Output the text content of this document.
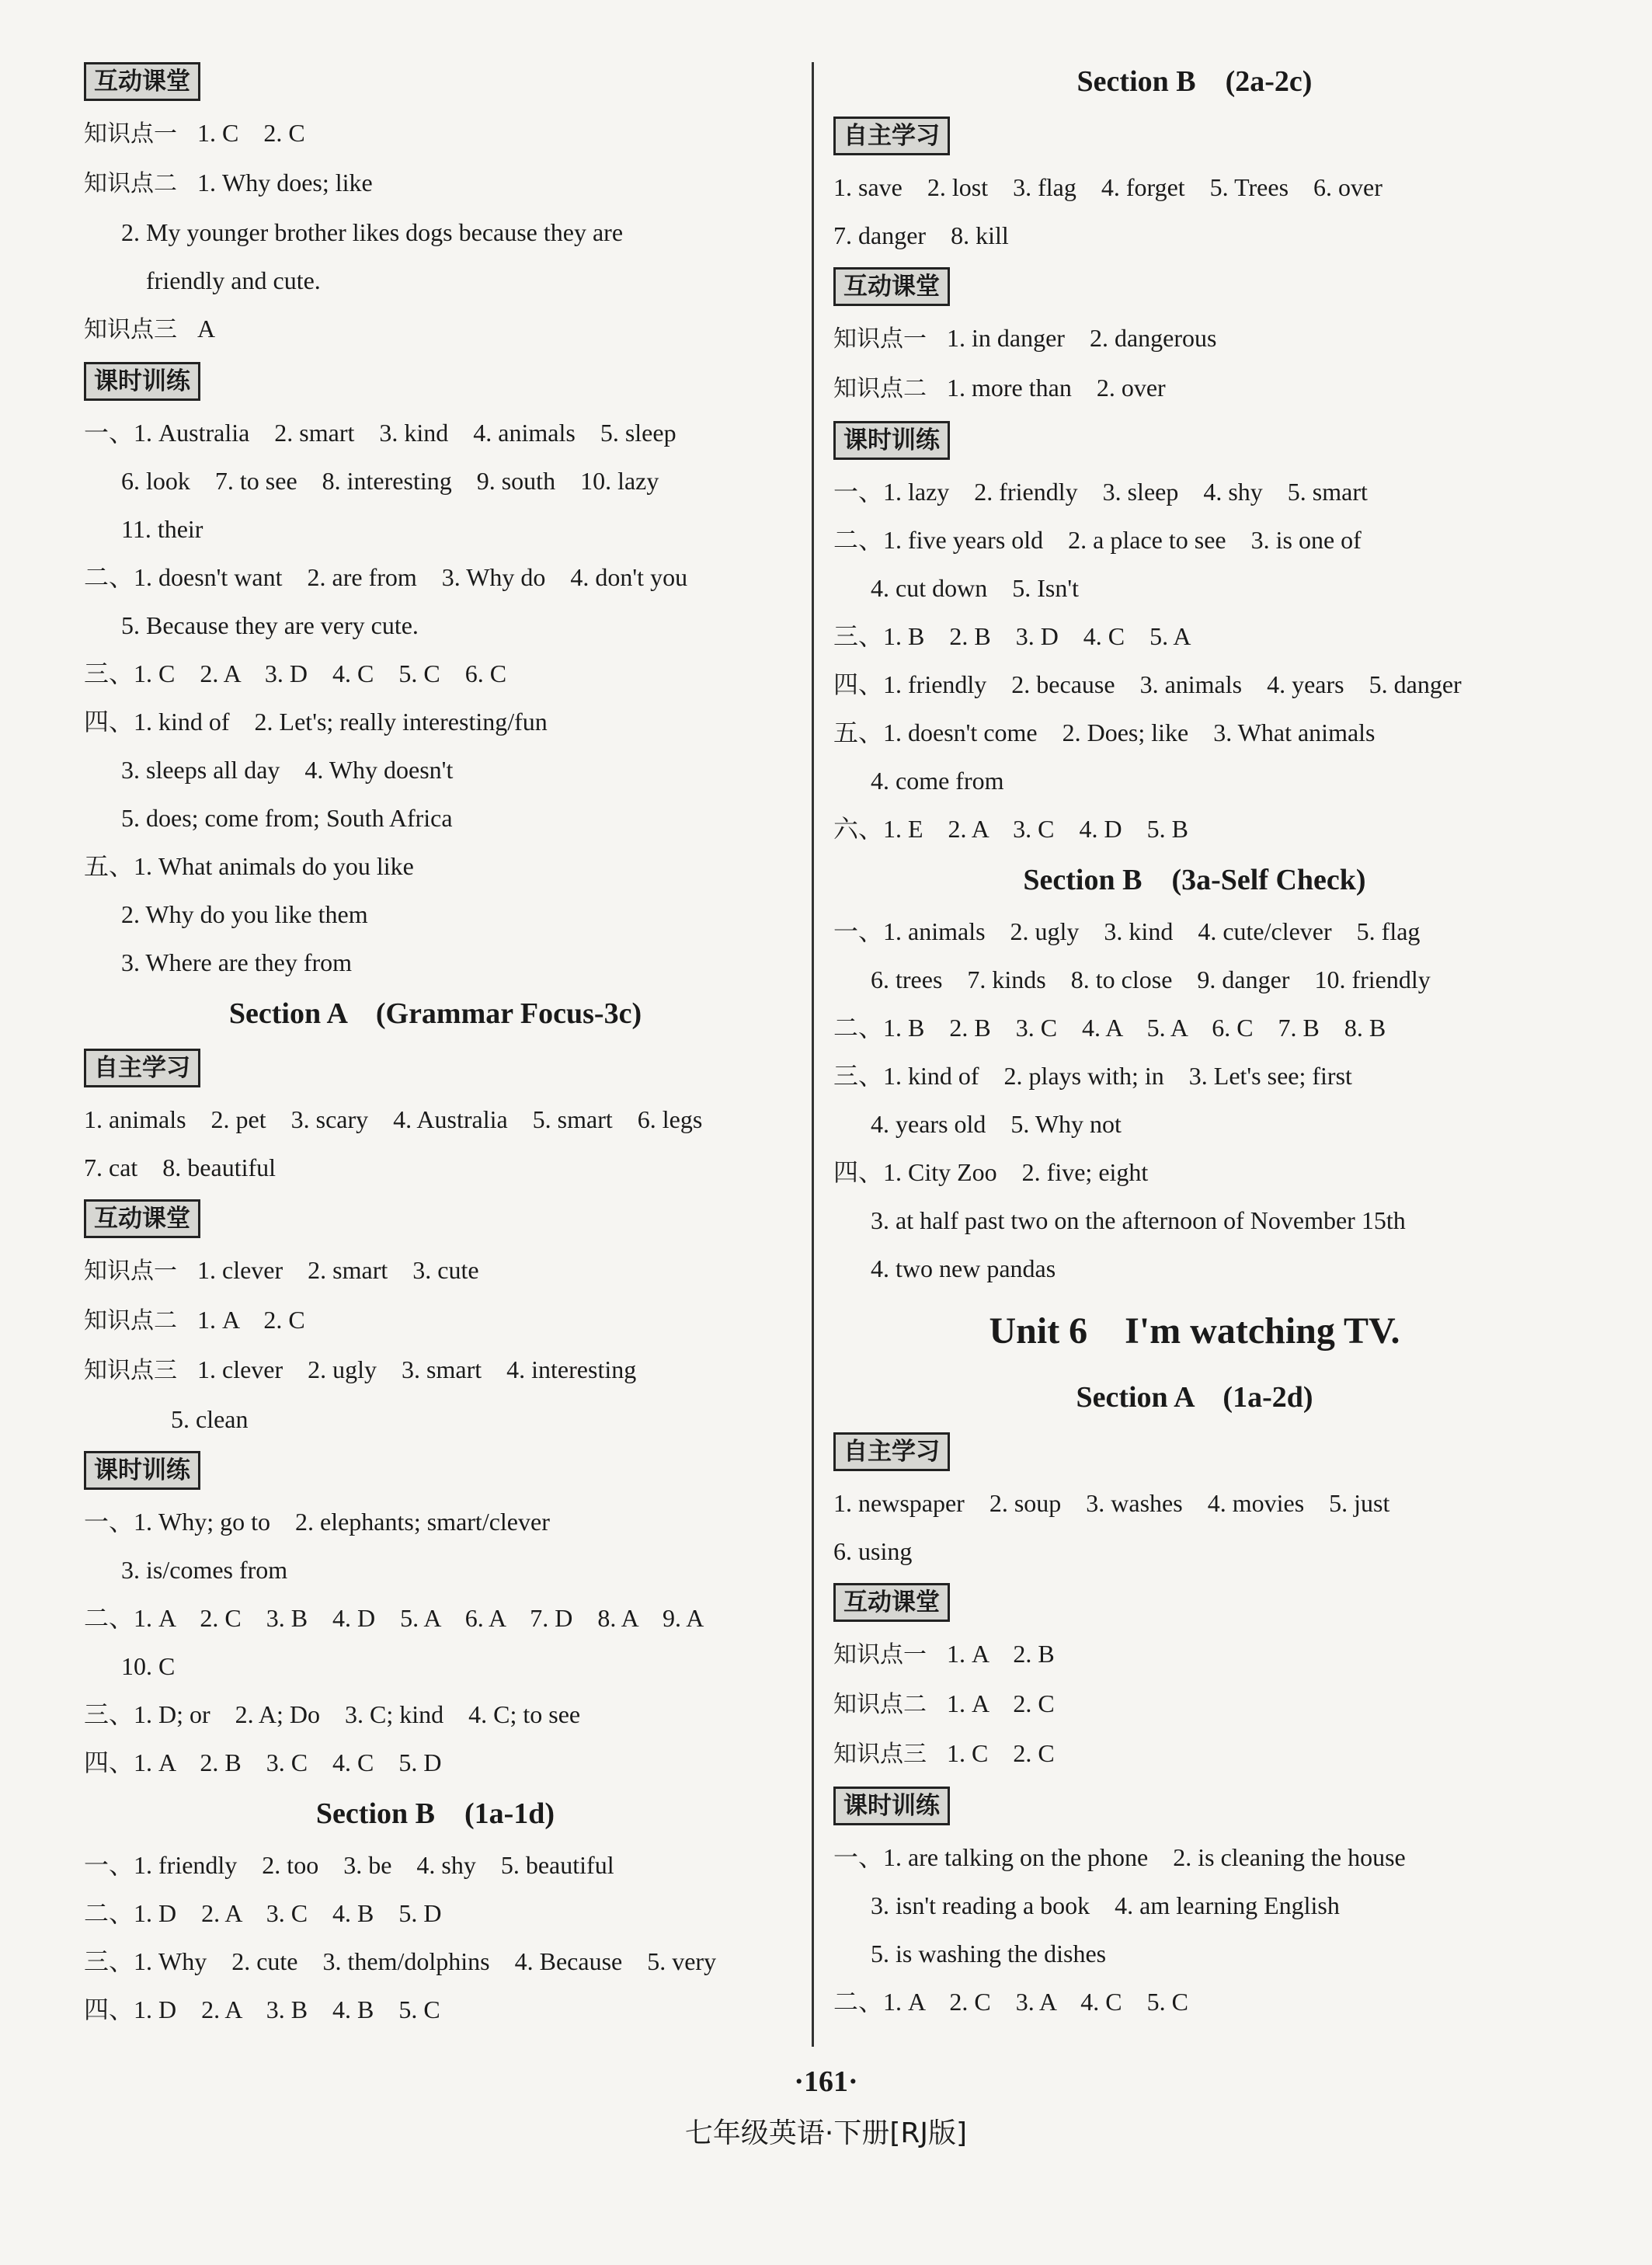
互动课堂
知识点一 1. C　2. C
知识点二 1. Why does; like
2. My younger brother likes dogs because they are
　friendly and cute.
知识点三 A
课时训练
一、1. Australia　2. smart　3. kind　4. animals　5. sleep
6. look　7. to see　8. interesting　9. south　10. lazy
11. their
二、1. doesn't want　2. are from　3. Why do　4. don't you
5. Because they are very cute.
三、1. C　2. A　3. D　4. C　5. C　6. C
四、1. kind of　2. Let's; really interesting/fun
3. sleeps all day　4. Why doesn't
5. does; come from; South Africa
五、1. What animals do you like
2. Why do you like them
3. Where are they from
Section A　(Grammar Focus-3c)
自主学习
1. animals　2. pet　3. scary　4. Australia　5. smart　6. legs
7. cat　8. beautiful
互动课堂
知识点一 1. clever　2. smart　3. cute
知识点二 1. A　2. C
知识点三 1. clever　2. ugly　3. smart　4. interesting
　　5. clean
课时训练
一、1. Why; go to　2. elephants; smart/clever
3. is/comes from
二、1. A　2. C　3. B　4. D　5. A　6. A　7. D　8. A　9. A
10. C
三、1. D; or　2. A; Do　3. C; kind　4. C; to see
四、1. A　2. B　3. C　4. C　5. D
Section B　(1a-1d)
一、1. friendly　2. too　3. be　4. shy　5. beautiful
二、1. D　2. A　3. C　4. B　5. D
三、1. Why　2. cute　3. them/dolphins　4. Because　5. very
四、1. D　2. A　3. B　4. B　5. C
Section B　(2a-2c)
自主学习
1. save　2. lost　3. flag　4. forget　5. Trees　6. over
7. danger　8. kill
互动课堂
知识点一 1. in danger　2. dangerous
知识点二 1. more than　2. over
课时训练
一、1. lazy　2. friendly　3. sleep　4. shy　5. smart
二、1. five years old　2. a place to see　3. is one of
4. cut down　5. Isn't
三、1. B　2. B　3. D　4. C　5. A
四、1. friendly　2. because　3. animals　4. years　5. danger
五、1. doesn't come　2. Does; like　3. What animals
4. come from
六、1. E　2. A　3. C　4. D　5. B
Section B　(3a-Self Check)
一、1. animals　2. ugly　3. kind　4. cute/clever　5. flag
6. trees　7. kinds　8. to close　9. danger　10. friendly
二、1. B　2. B　3. C　4. A　5. A　6. C　7. B　8. B
三、1. kind of　2. plays with; in　3. Let's see; first
4. years old　5. Why not
四、1. City Zoo　2. five; eight
3. at half past two on the afternoon of November 15th
4. two new pandas
Unit 6　I'm watching TV.
Section A　(1a-2d)
自主学习
1. newspaper　2. soup　3. washes　4. movies　5. just
6. using
互动课堂
知识点一 1. A　2. B
知识点二 1. A　2. C
知识点三 1. C　2. C
课时训练
一、1. are talking on the phone　2. is cleaning the house
3. isn't reading a book　4. am learning English
5. is washing the dishes
二、1. A　2. C　3. A　4. C　5. C
·161·
七年级英语·下册[RJ版]
